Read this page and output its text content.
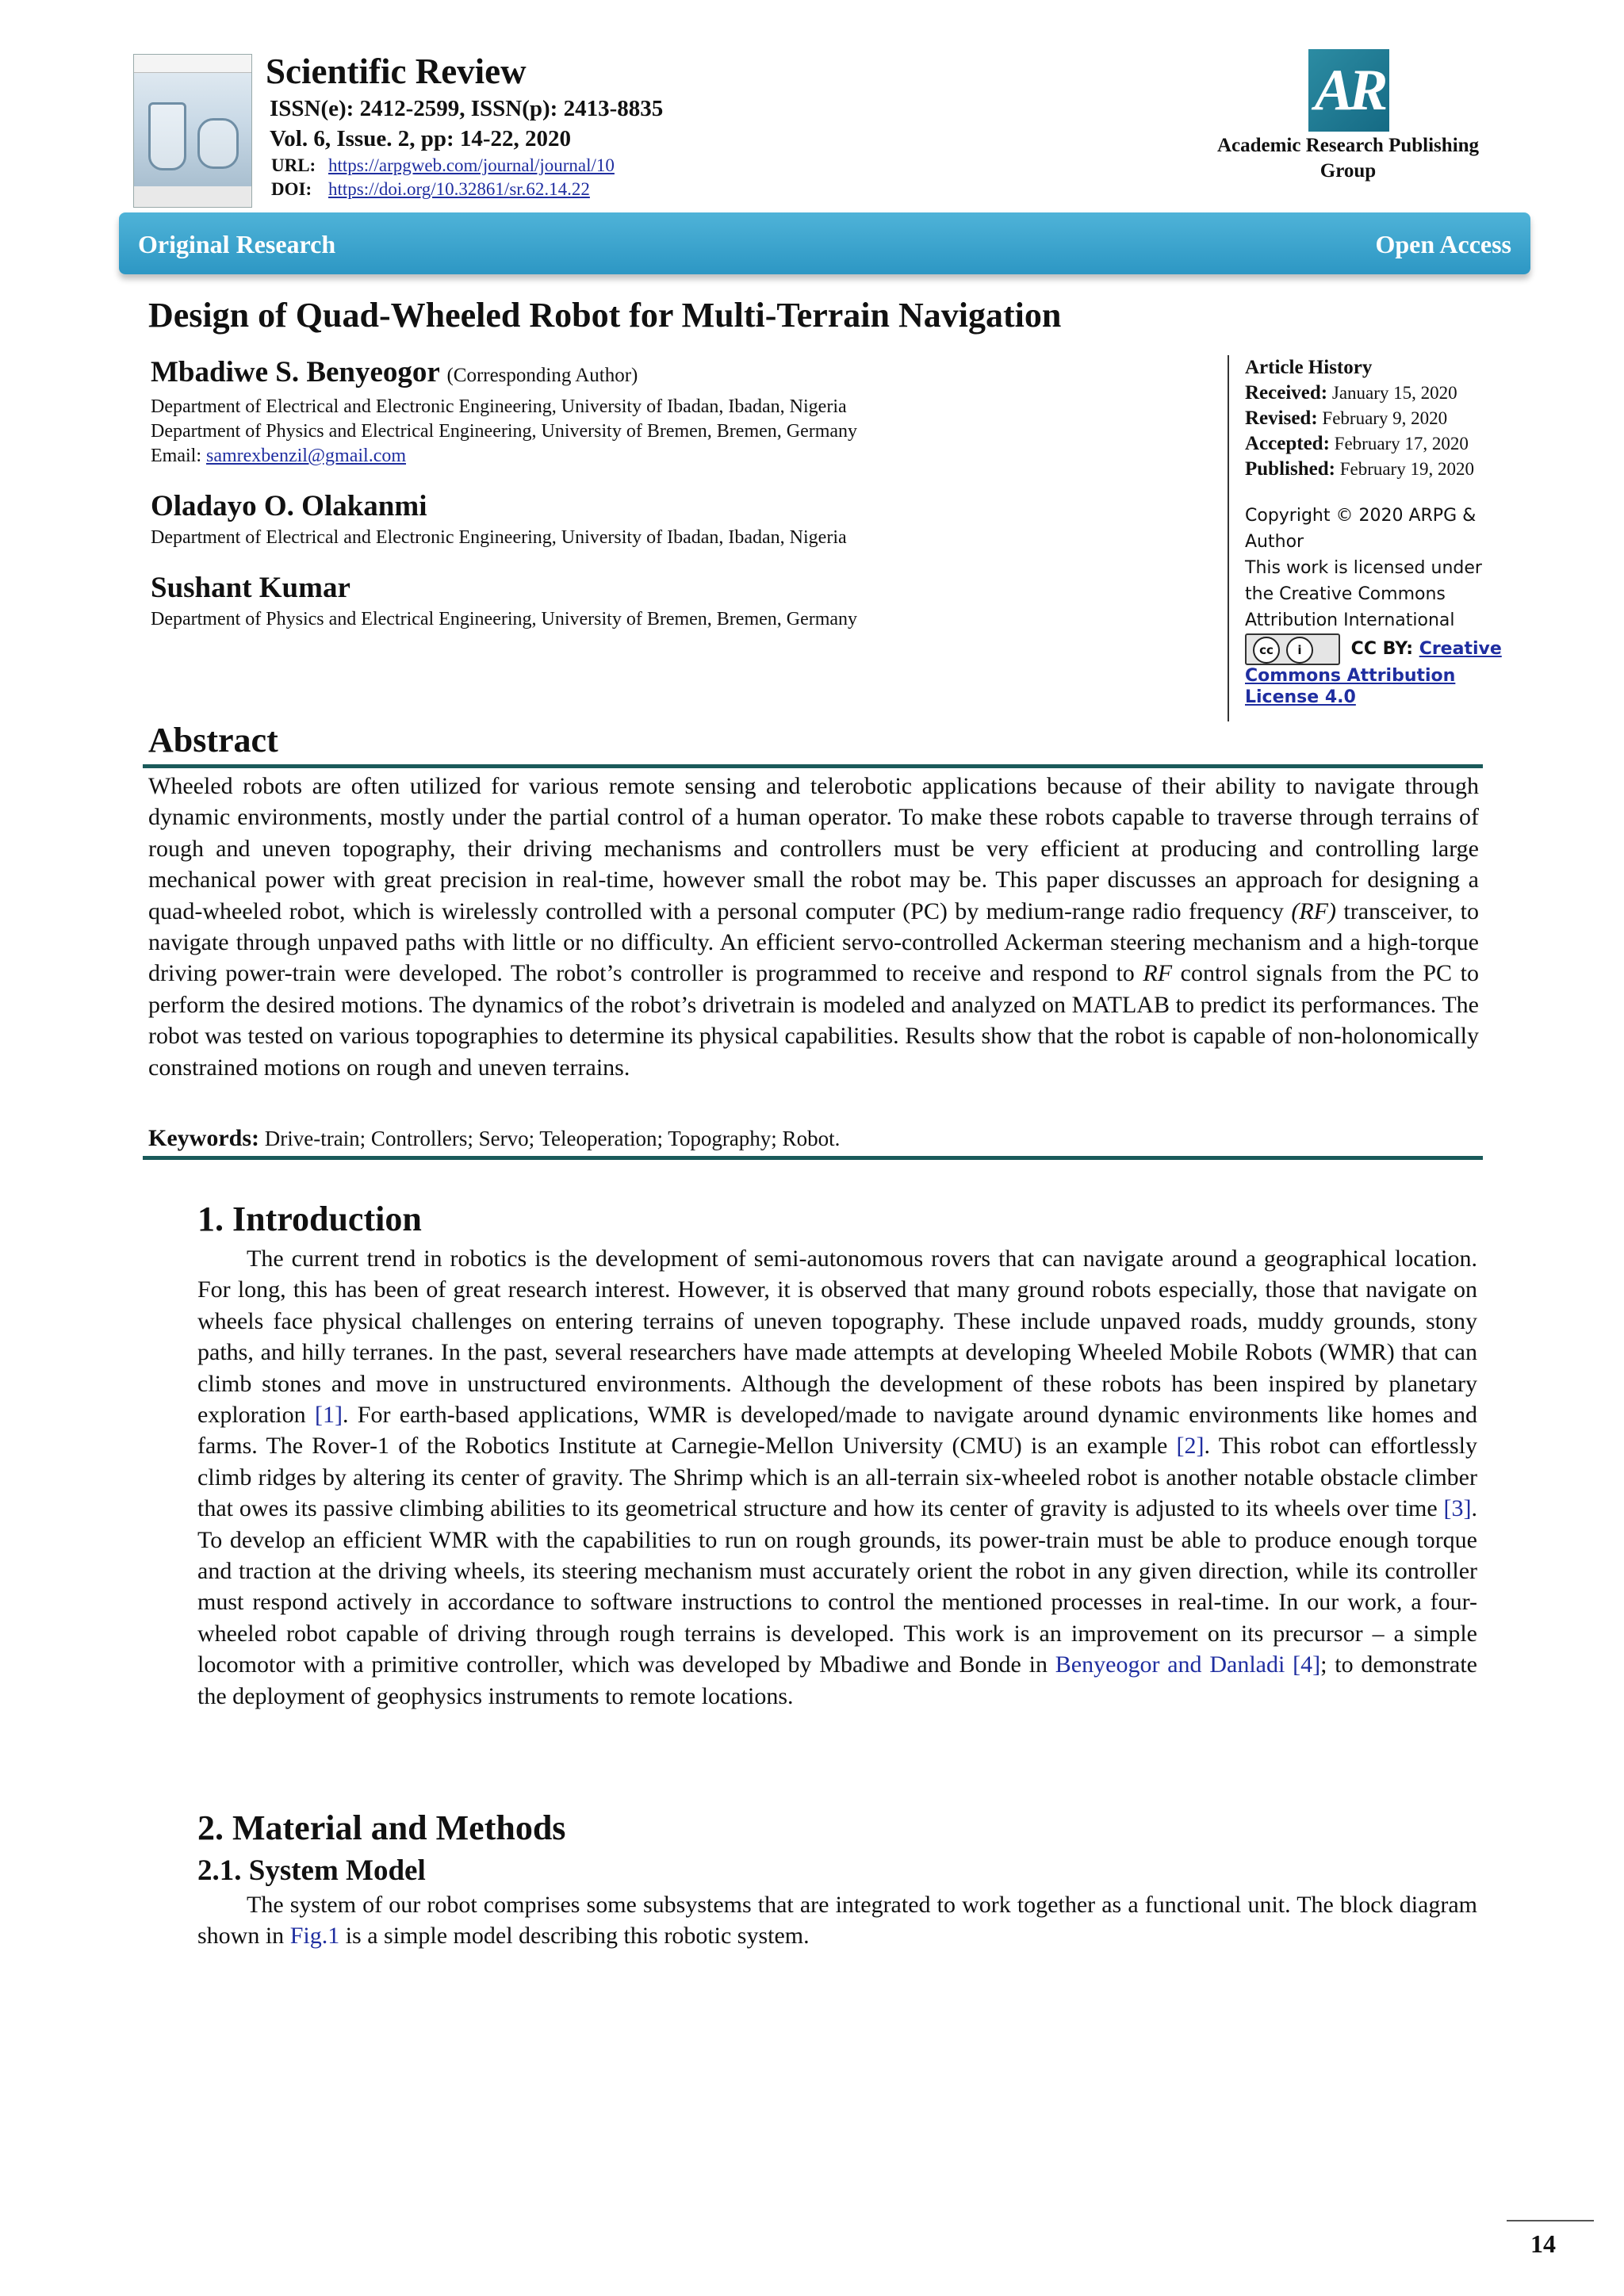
Scientific Review
ISSN(e): 2412-2599, ISSN(p): 2413-8835
Vol. 6, Issue. 2, pp: 14-22, 2020
URL: https://arpgweb.com/journal/journal/10
DOI: https://doi.org/10.32861/sr.62.14.22
AR
Academic Research Publishing Group
Original Research	Open Access
Design of Quad-Wheeled Robot for Multi-Terrain Navigation
Mbadiwe S. Benyeogor (Corresponding Author)
Department of Electrical and Electronic Engineering, University of Ibadan, Ibadan, Nigeria
Department of Physics and Electrical Engineering, University of Bremen, Bremen, Germany
Email: samrexbenzil@gmail.com
Oladayo O. Olakanmi
Department of Electrical and Electronic Engineering, University of Ibadan, Ibadan, Nigeria
Sushant Kumar
Department of Physics and Electrical Engineering, University of Bremen, Bremen, Germany
Article History
Received: January 15, 2020
Revised: February 9, 2020
Accepted: February 17, 2020
Published: February 19, 2020
Copyright © 2020 ARPG & Author
This work is licensed under the Creative Commons Attribution International
cc	i	CC BY: Creative Commons Attribution License 4.0
Abstract
Wheeled robots are often utilized for various remote sensing and telerobotic applications because of their ability to navigate through dynamic environments, mostly under the partial control of a human operator. To make these robots capable to traverse through terrains of rough and uneven topography, their driving mechanisms and controllers must be very efficient at producing and controlling large mechanical power with great precision in real-time, however small the robot may be. This paper discusses an approach for designing a quad-wheeled robot, which is wirelessly controlled with a personal computer (PC) by medium-range radio frequency (RF) transceiver, to navigate through unpaved paths with little or no difficulty. An efficient servo-controlled Ackerman steering mechanism and a high-torque driving power-train were developed. The robot’s controller is programmed to receive and respond to RF control signals from the PC to perform the desired motions. The dynamics of the robot’s drivetrain is modeled and analyzed on MATLAB to predict its performances. The robot was tested on various topographies to determine its physical capabilities. Results show that the robot is capable of non-holonomically constrained motions on rough and uneven terrains.
Keywords: Drive-train; Controllers; Servo; Teleoperation; Topography; Robot.
1. Introduction
The current trend in robotics is the development of semi-autonomous rovers that can navigate around a geographical location. For long, this has been of great research interest. However, it is observed that many ground robots especially, those that navigate on wheels face physical challenges on entering terrains of uneven topography. These include unpaved roads, muddy grounds, stony paths, and hilly terranes. In the past, several researchers have made attempts at developing Wheeled Mobile Robots (WMR) that can climb stones and move in unstructured environments. Although the development of these robots has been inspired by planetary exploration [1]. For earth-based applications, WMR is developed/made to navigate around dynamic environments like homes and farms. The Rover-1 of the Robotics Institute at Carnegie-Mellon University (CMU) is an example [2]. This robot can effortlessly climb ridges by altering its center of gravity. The Shrimp which is an all-terrain six-wheeled robot is another notable obstacle climber that owes its passive climbing abilities to its geometrical structure and how its center of gravity is adjusted to its wheels over time [3]. To develop an efficient WMR with the capabilities to run on rough grounds, its power-train must be able to produce enough torque and traction at the driving wheels, its steering mechanism must accurately orient the robot in any given direction, while its controller must respond actively in accordance to software instructions to control the mentioned processes in real-time. In our work, a four-wheeled robot capable of driving through rough terrains is developed. This work is an improvement on its precursor – a simple locomotor with a primitive controller, which was developed by Mbadiwe and Bonde in Benyeogor and Danladi [4]; to demonstrate the deployment of geophysics instruments to remote locations.
2. Material and Methods
2.1. System Model
The system of our robot comprises some subsystems that are integrated to work together as a functional unit. The block diagram shown in Fig.1 is a simple model describing this robotic system.
14
